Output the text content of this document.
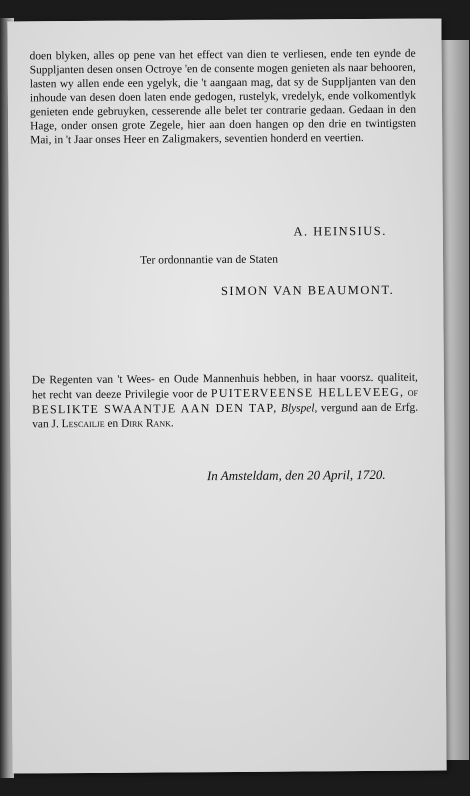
doen blyken, alles op pene van het effect van dien te verliesen, ende ten eynde de Suppljanten desen onsen Octroye 'en de consente mogen genieten als naar behooren, lasten wy allen ende een ygelyk, die 't aangaan mag, dat sy de Suppljanten van den inhoude van desen doen laten ende gedogen, rustelyk, vredelyk, ende volkomentlyk genieten ende gebruyken, cesserende alle belet ter contrarie gedaan. Gedaan in den Hage, onder onsen grote Zegele, hier aan doen hangen op den drie en twintigsten Mai, in 't Jaar onses Heer en Zaligmakers, seventien honderd en veertien.
A. HEINSIUS.
Ter ordonnantie van de Staten
SIMON VAN BEAUMONT.
De Regenten van 't Wees- en Oude Mannenhuis hebben, in haar voorsz. qualiteit, het recht van deeze Privilegie voor de PUITERVEENSE HELLEVEEG, of BESLIKTE SWAANTJE AAN DEN TAP, Blyspel, vergund aan de Erfg. van J. Lescailje en Dirk Rank.
In Amsteldam, den 20 April, 1720.
